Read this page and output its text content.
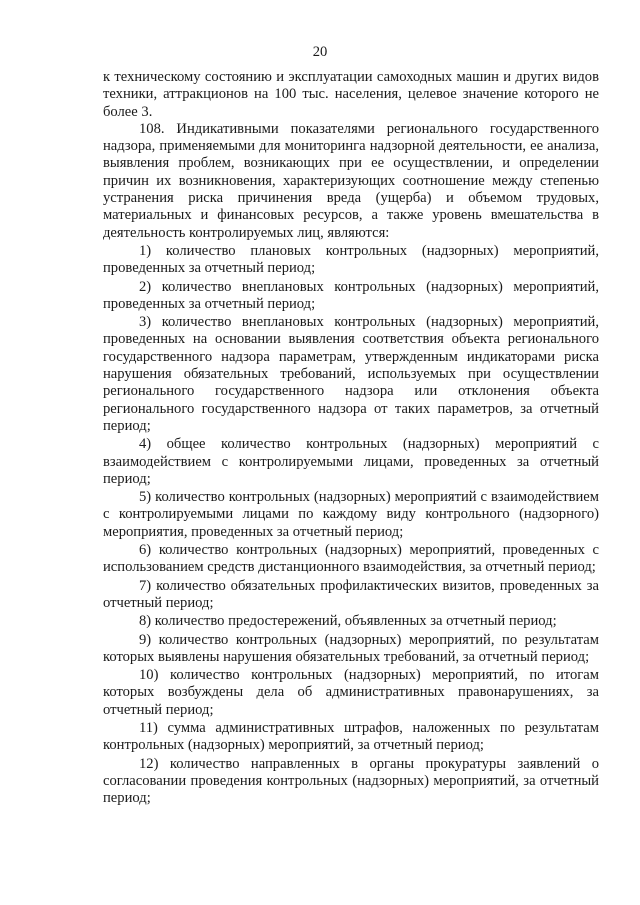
20

к техническому состоянию и эксплуатации самоходных машин и других видов техники, аттракционов на 100 тыс. населения, целевое значение которого не более 3.

108. Индикативными показателями регионального государственного надзора, применяемыми для мониторинга надзорной деятельности, ее анализа, выявления проблем, возникающих при ее осуществлении, и определении причин их возникновения, характеризующих соотношение между степенью устранения риска причинения вреда (ущерба) и объемом трудовых, материальных и финансовых ресурсов, а также уровень вмешательства в деятельность контролируемых лиц, являются:

1) количество плановых контрольных (надзорных) мероприятий, проведенных за отчетный период;

2) количество внеплановых контрольных (надзорных) мероприятий, проведенных за отчетный период;

3) количество внеплановых контрольных (надзорных) мероприятий, проведенных на основании выявления соответствия объекта регионального государственного надзора параметрам, утвержденным индикаторами риска нарушения обязательных требований, используемых при осуществлении регионального государственного надзора или отклонения объекта регионального государственного надзора от таких параметров, за отчетный период;

4) общее количество контрольных (надзорных) мероприятий с взаимодействием с контролируемыми лицами, проведенных за отчетный период;

5) количество контрольных (надзорных) мероприятий с взаимодействием с контролируемыми лицами по каждому виду контрольного (надзорного) мероприятия, проведенных за отчетный период;

6) количество контрольных (надзорных) мероприятий, проведенных с использованием средств дистанционного взаимодействия, за отчетный период;

7) количество обязательных профилактических визитов, проведенных за отчетный период;

8) количество предостережений, объявленных за отчетный период;

9) количество контрольных (надзорных) мероприятий, по результатам которых выявлены нарушения обязательных требований, за отчетный период;

10) количество контрольных (надзорных) мероприятий, по итогам которых возбуждены дела об административных правонарушениях, за отчетный период;

11) сумма административных штрафов, наложенных по результатам контрольных (надзорных) мероприятий, за отчетный период;

12) количество направленных в органы прокуратуры заявлений о согласовании проведения контрольных (надзорных) мероприятий, за отчетный период;
